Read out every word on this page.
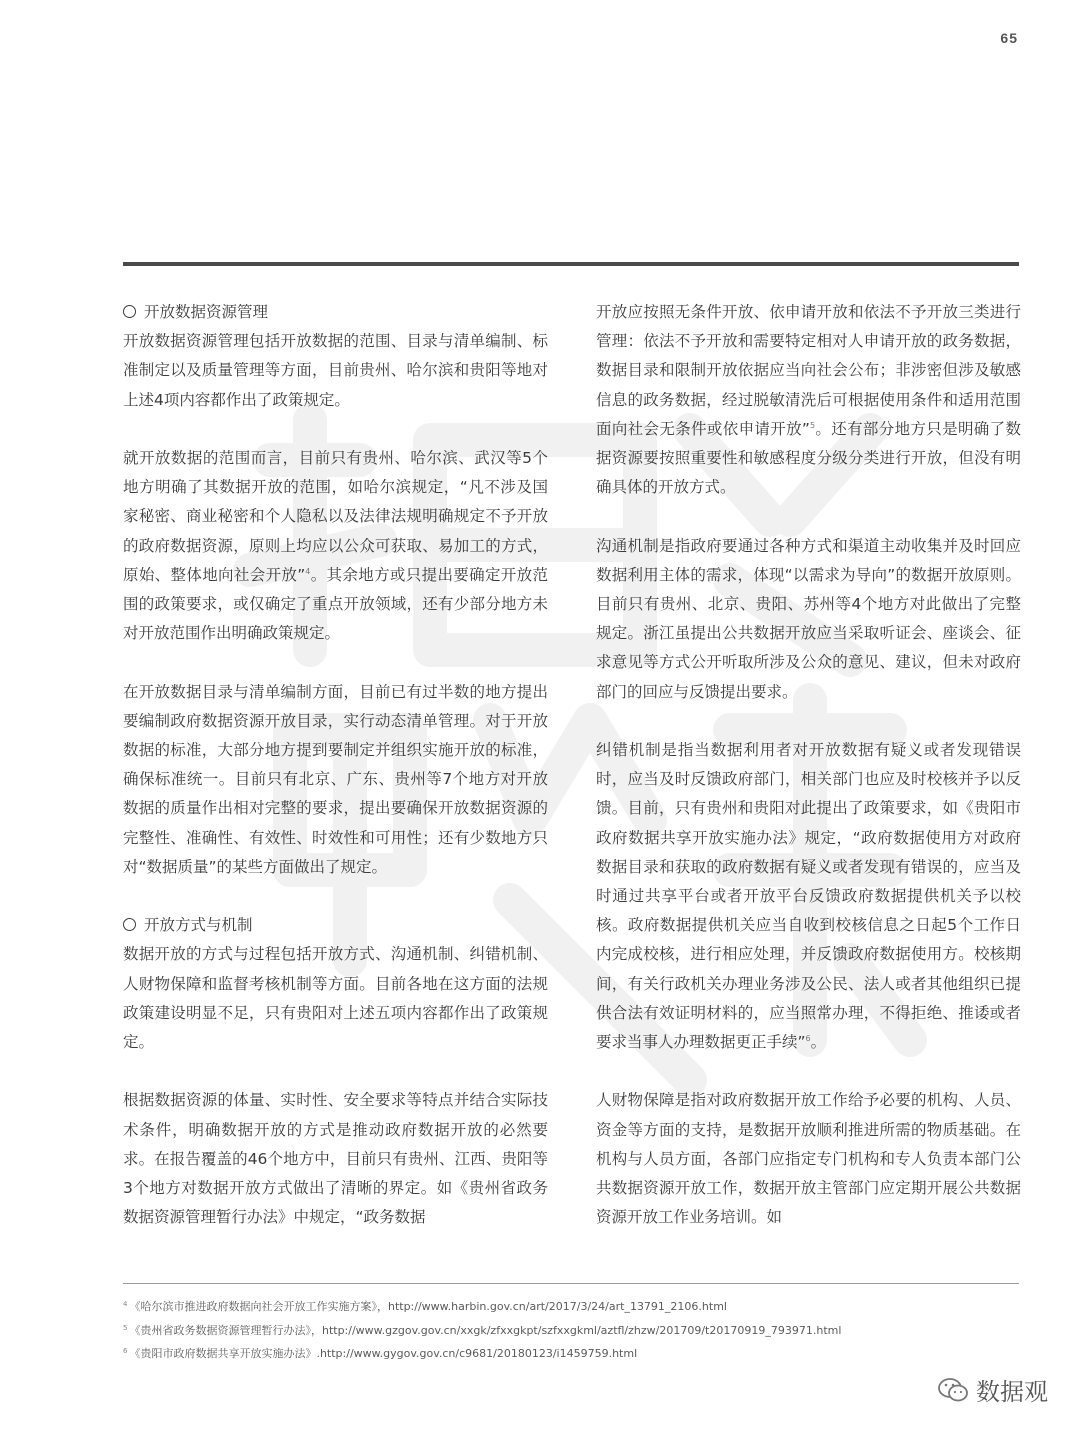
65
开放数据资源管理

开放数据资源管理包括开放数据的范围、目录与清单编制、标准制定以及质量管理等方面，目前贵州、哈尔滨和贵阳等地对上述4项内容都作出了政策规定。

就开放数据的范围而言，目前只有贵州、哈尔滨、武汉等5个地方明确了其数据开放的范围，如哈尔滨规定，“凡不涉及国家秘密、商业秘密和个人隐私以及法律法规明确规定不予开放的政府数据资源，原则上均应以公众可获取、易加工的方式，原始、整体地向社会开放”$^4$。其余地方或只提出要确定开放范围的政策要求，或仅确定了重点开放领域，还有少部分地方未对开放范围作出明确政策规定。

在开放数据目录与清单编制方面，目前已有过半数的地方提出要编制政府数据资源开放目录，实行动态清单管理。对于开放数据的标准，大部分地方提到要制定并组织实施开放的标准，确保标准统一。目前只有北京、广东、贵州等7个地方对开放数据的质量作出相对完整的要求，提出要确保开放数据资源的完整性、准确性、有效性、时效性和可用性；还有少数地方只对“数据质量”的某些方面做出了规定。

开放方式与机制

数据开放的方式与过程包括开放方式、沟通机制、纠错机制、人财物保障和监督考核机制等方面。目前各地在这方面的法规政策建设明显不足，只有贵阳对上述五项内容都作出了政策规定。

根据数据资源的体量、实时性、安全要求等特点并结合实际技术条件，明确数据开放的方式是推动政府数据开放的必然要求。在报告覆盖的46个地方中，目前只有贵州、江西、贵阳等3个地方对数据开放方式做出了清晰的界定。如《贵州省政务数据资源管理暂行办法》中规定，“政务数据

开放应按照无条件开放、依申请开放和依法不予开放三类进行管理：依法不予开放和需要特定相对人申请开放的政务数据，数据目录和限制开放依据应当向社会公布；非涉密但涉及敏感信息的政务数据，经过脱敏清洗后可根据使用条件和适用范围面向社会无条件或依申请开放”$^5$。还有部分地方只是明确了数据资源要按照重要性和敏感程度分级分类进行开放，但没有明确具体的开放方式。

沟通机制是指政府要通过各种方式和渠道主动收集并及时回应数据利用主体的需求，体现“以需求为导向”的数据开放原则。目前只有贵州、北京、贵阳、苏州等4个地方对此做出了完整规定。浙江虽提出公共数据开放应当采取听证会、座谈会、征求意见等方式公开听取所涉及公众的意见、建议，但未对政府部门的回应与反馈提出要求。

纠错机制是指当数据利用者对开放数据有疑义或者发现错误时，应当及时反馈政府部门，相关部门也应及时校核并予以反馈。目前，只有贵州和贵阳对此提出了政策要求，如《贵阳市政府数据共享开放实施办法》规定，“政府数据使用方对政府数据目录和获取的政府数据有疑义或者发现有错误的，应当及时通过共享平台或者开放平台反馈政府数据提供机关予以校核。政府数据提供机关应当自收到校核信息之日起5个工作日内完成校核，进行相应处理，并反馈政府数据使用方。校核期间，有关行政机关办理业务涉及公民、法人或者其他组织已提供合法有效证明材料的，应当照常办理，不得拒绝、推诿或者要求当事人办理数据更正手续”$^6$。

人财物保障是指对政府数据开放工作给予必要的机构、人员、资金等方面的支持，是数据开放顺利推进所需的物质基础。在机构与人员方面，各部门应指定专门机构和专人负责本部门公共数据资源开放工作，数据开放主管部门应定期开展公共数据资源开放工作业务培训。如

$^4$ 《哈尔滨市推进政府数据向社会开放工作实施方案》，http://www.harbin.gov.cn/art/2017/3/24/art_13791_2106.html
$^5$ 《贵州省政务数据资源管理暂行办法》，http://www.gzgov.gov.cn/xxgk/zfxxgkpt/szfxxgkml/aztfl/zhzw/201709/t20170919_793971.html
$^6$ 《贵阳市政府数据共享开放实施办法》.http://www.gygov.gov.cn/c9681/20180123/i1459759.html
数据观
